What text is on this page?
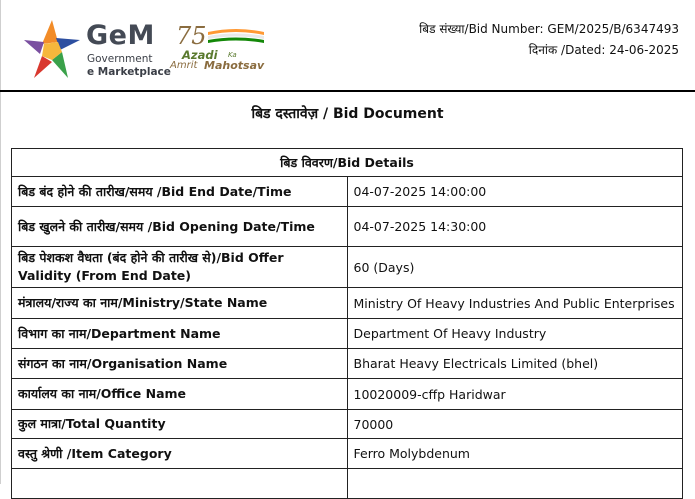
GeM
Government
e Marketplace
75
Azadi Ka
Amrit Mahotsav
बिड संख्या/Bid Number: GEM/2025/B/6347493
दिनांक /Dated: 24-06-2025
बिड दस्तावेज़ / Bid Document
बिड विवरण/Bid Details	
बिड बंद होने की तारीख/समय /Bid End Date/Time	04-07-2025 14:00:00
बिड खुलने की तारीख/समय /Bid Opening Date/Time	04-07-2025 14:30:00
बिड पेशकश वैधता (बंद होने की तारीख से)/Bid Offer Validity (From End Date)	60 (Days)
मंत्रालय/राज्य का नाम/Ministry/State Name	Ministry Of Heavy Industries And Public Enterprises
विभाग का नाम/Department Name	Department Of Heavy Industry
संगठन का नाम/Organisation Name	Bharat Heavy Electricals Limited (bhel)
कार्यालय का नाम/Office Name	10020009-cffp Haridwar
कुल मात्रा/Total Quantity	70000
वस्तु श्रेणी /Item Category	Ferro Molybdenum
